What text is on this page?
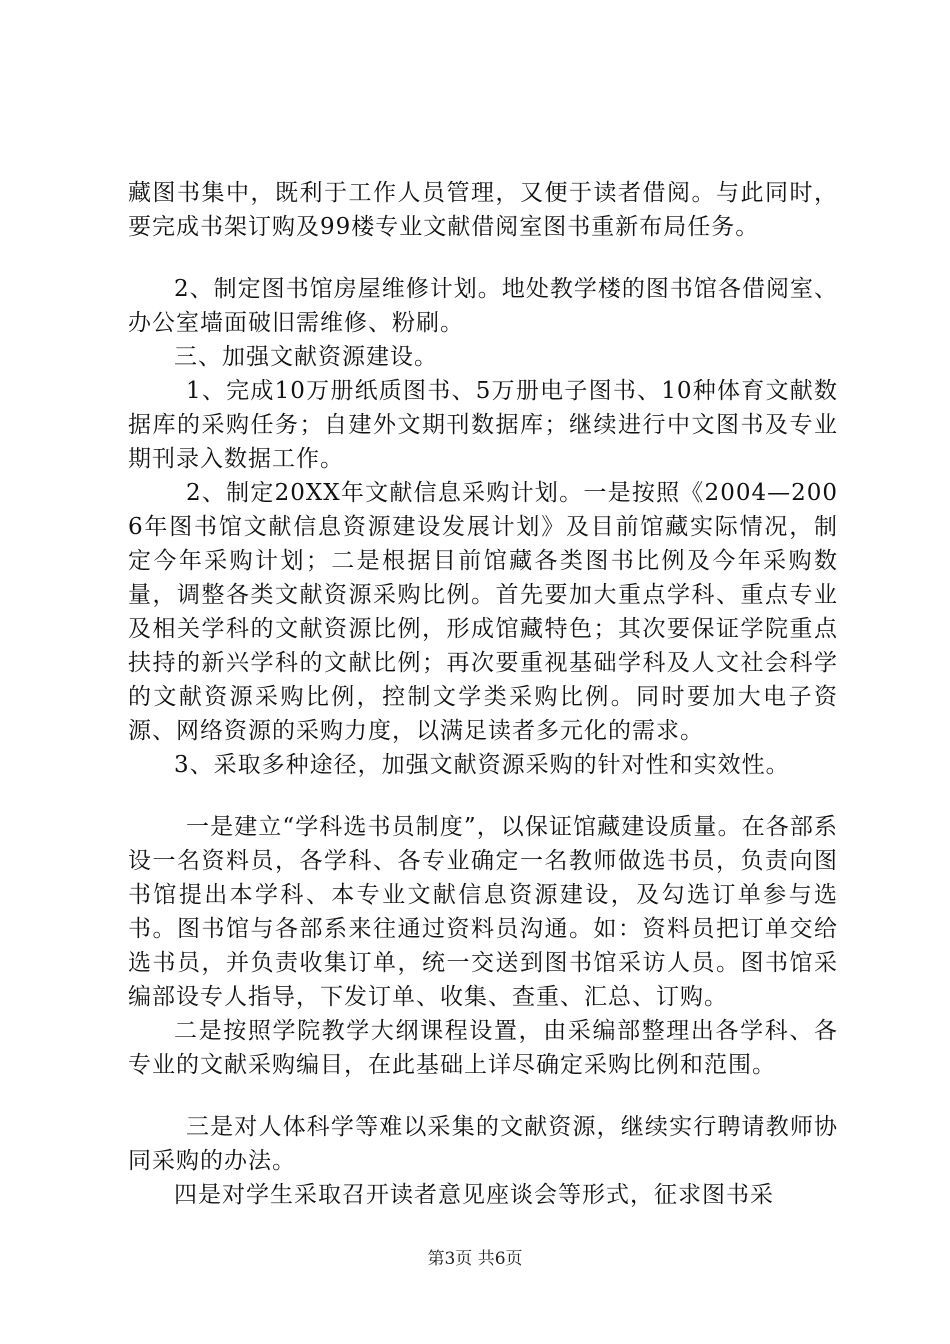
藏图书集中，既利于工作人员管理，又便于读者借阅。与此同时，要完成书架订购及99楼专业文献借阅室图书重新布局任务。

2、制定图书馆房屋维修计划。地处教学楼的图书馆各借阅室、办公室墙面破旧需维修、粉刷。

三、加强文献资源建设。

1、完成10万册纸质图书、5万册电子图书、10种体育文献数据库的采购任务；自建外文期刊数据库；继续进行中文图书及专业期刊录入数据工作。

2、制定20XX年文献信息采购计划。一是按照《2004—2006年图书馆文献信息资源建设发展计划》及目前馆藏实际情况，制定今年采购计划；二是根据目前馆藏各类图书比例及今年采购数量，调整各类文献资源采购比例。首先要加大重点学科、重点专业及相关学科的文献资源比例，形成馆藏特色；其次要保证学院重点扶持的新兴学科的文献比例；再次要重视基础学科及人文社会科学的文献资源采购比例，控制文学类采购比例。同时要加大电子资源、网络资源的采购力度，以满足读者多元化的需求。

3、采取多种途径，加强文献资源采购的针对性和实效性。

一是建立“学科选书员制度”，以保证馆藏建设质量。在各部系设一名资料员，各学科、各专业确定一名教师做选书员，负责向图书馆提出本学科、本专业文献信息资源建设，及勾选订单参与选书。图书馆与各部系来往通过资料员沟通。如：资料员把订单交给选书员，并负责收集订单，统一交送到图书馆采访人员。图书馆采编部设专人指导，下发订单、收集、查重、汇总、订购。

二是按照学院教学大纲课程设置，由采编部整理出各学科、各专业的文献采购编目，在此基础上详尽确定采购比例和范围。

三是对人体科学等难以采集的文献资源，继续实行聘请教师协同采购的办法。

四是对学生采取召开读者意见座谈会等形式，征求图书采

第3页 共6页
